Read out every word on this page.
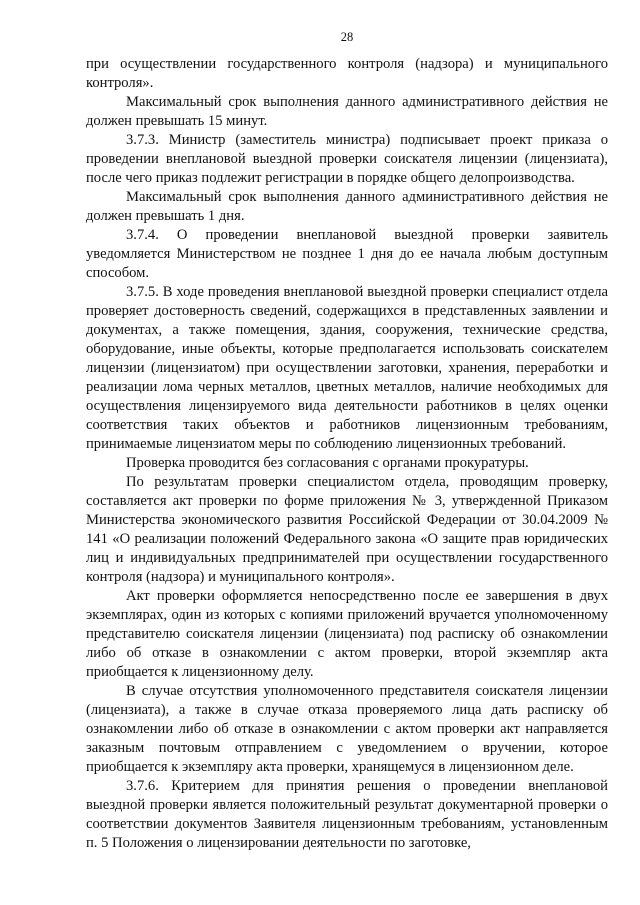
28

при осуществлении государственного контроля (надзора) и муниципального контроля».

Максимальный срок выполнения данного административного действия не должен превышать 15 минут.

3.7.3. Министр (заместитель министра) подписывает проект приказа о проведении внеплановой выездной проверки соискателя лицензии (лицензиата), после чего приказ подлежит регистрации в порядке общего делопроизводства.

Максимальный срок выполнения данного административного действия не должен превышать 1 дня.

3.7.4. О проведении внеплановой выездной проверки заявитель уведомляется Министерством не позднее 1 дня до ее начала любым доступным способом.

3.7.5. В ходе проведения внеплановой выездной проверки специалист отдела проверяет достоверность сведений, содержащихся в представленных заявлении и документах, а также помещения, здания, сооружения, технические средства, оборудование, иные объекты, которые предполагается использовать соискателем лицензии (лицензиатом) при осуществлении заготовки, хранения, переработки и реализации лома черных металлов, цветных металлов, наличие необходимых для осуществления лицензируемого вида деятельности работников в целях оценки соответствия таких объектов и работников лицензионным требованиям, принимаемые лицензиатом меры по соблюдению лицензионных требований.

Проверка проводится без согласования с органами прокуратуры.

По результатам проверки специалистом отдела, проводящим проверку, составляется акт проверки по форме приложения № 3, утвержденной Приказом Министерства экономического развития Российской Федерации от 30.04.2009 № 141 «О реализации положений Федерального закона «О защите прав юридических лиц и индивидуальных предпринимателей при осуществлении государственного контроля (надзора) и муниципального контроля».

Акт проверки оформляется непосредственно после ее завершения в двух экземплярах, один из которых с копиями приложений вручается уполномоченному представителю соискателя лицензии (лицензиата) под расписку об ознакомлении либо об отказе в ознакомлении с актом проверки, второй экземпляр акта приобщается к лицензионному делу.

В случае отсутствия уполномоченного представителя соискателя лицензии (лицензиата), а также в случае отказа проверяемого лица дать расписку об ознакомлении либо об отказе в ознакомлении с актом проверки акт направляется заказным почтовым отправлением с уведомлением о вручении, которое приобщается к экземпляру акта проверки, хранящемуся в лицензионном деле.

3.7.6. Критерием для принятия решения о проведении внеплановой выездной проверки является положительный результат документарной проверки о соответствии документов Заявителя лицензионным требованиям, установленным п. 5 Положения о лицензировании деятельности по заготовке,
